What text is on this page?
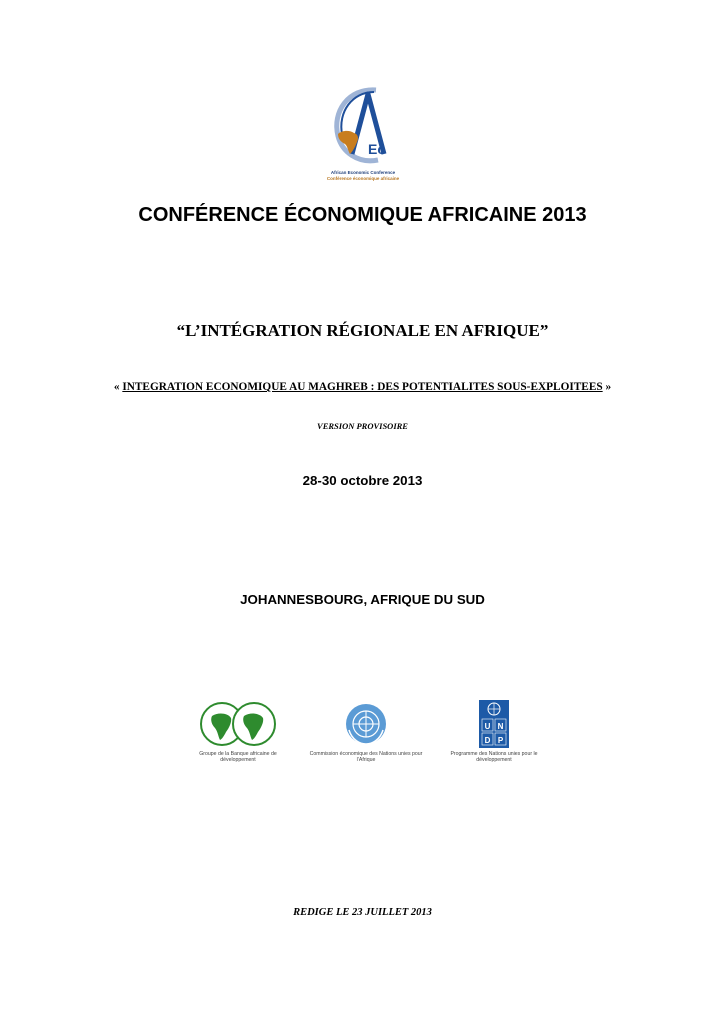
Ec
African Economic Conference
Conférence économique africaine
CONFÉRENCE ÉCONOMIQUE AFRICAINE 2013
“L’INTÉGRATION RÉGIONALE EN AFRIQUE”
« INTEGRATION ECONOMIQUE AU MAGHREB : DES POTENTIALITES SOUS-EXPLOITEES »
VERSION PROVISOIRE
28-30 octobre 2013
JOHANNESBOURG, AFRIQUE DU SUD
Groupe de la Banque africaine de développement
Commission économique des Nations unies pour l’Afrique
U N
D P
Programme des Nations unies pour le développement
REDIGE LE 23 JUILLET 2013
